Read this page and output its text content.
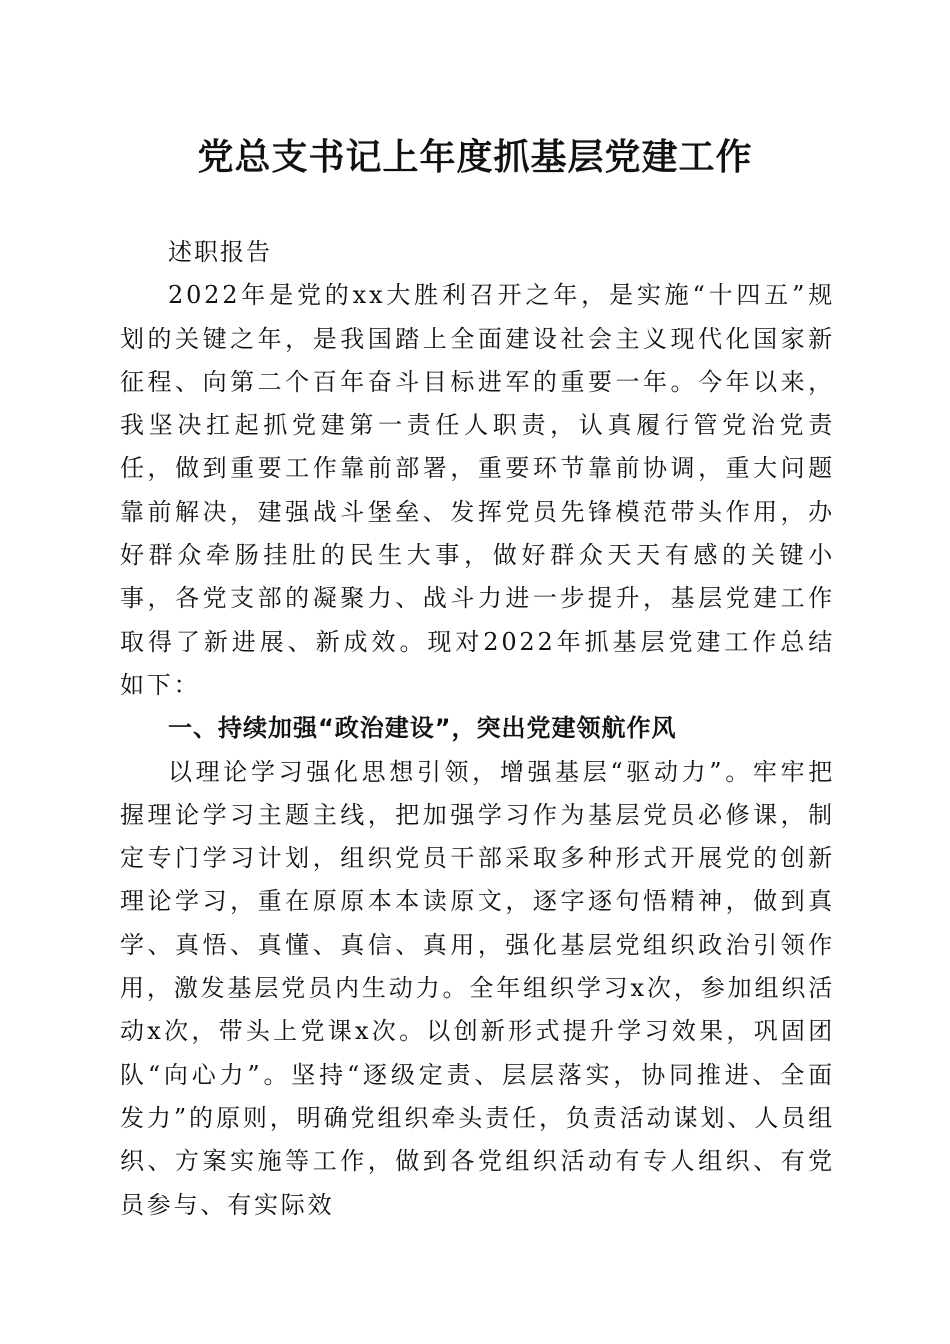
党总支书记上年度抓基层党建工作

述职报告

2022年是党的xx大胜利召开之年，是实施“十四五”规划的关键之年，是我国踏上全面建设社会主义现代化国家新征程、向第二个百年奋斗目标进军的重要一年。今年以来，我坚决扛起抓党建第一责任人职责，认真履行管党治党责任，做到重要工作靠前部署，重要环节靠前协调，重大问题靠前解决，建强战斗堡垒、发挥党员先锋模范带头作用，办好群众牵肠挂肚的民生大事，做好群众天天有感的关键小事，各党支部的凝聚力、战斗力进一步提升，基层党建工作取得了新进展、新成效。现对2022年抓基层党建工作总结如下：

一、持续加强“政治建设”，突出党建领航作风

以理论学习强化思想引领，增强基层“驱动力”。牢牢把握理论学习主题主线，把加强学习作为基层党员必修课，制定专门学习计划，组织党员干部采取多种形式开展党的创新理论学习，重在原原本本读原文，逐字逐句悟精神，做到真学、真悟、真懂、真信、真用，强化基层党组织政治引领作用，激发基层党员内生动力。全年组织学习x次，参加组织活动x次，带头上党课x次。以创新形式提升学习效果，巩固团队“向心力”。坚持“逐级定责、层层落实，协同推进、全面发力”的原则，明确党组织牵头责任，负责活动谋划、人员组织、方案实施等工作，做到各党组织活动有专人组织、有党员参与、有实际效
